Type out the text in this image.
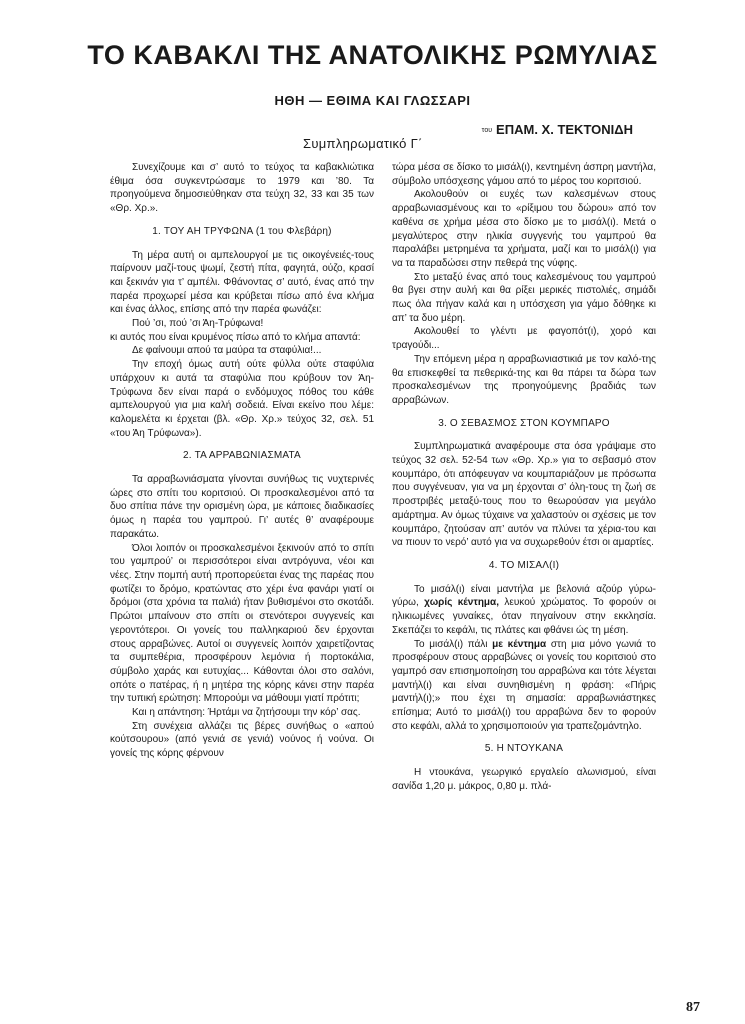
ΤΟ ΚΑΒΑΚΛΙ ΤΗΣ ΑΝΑΤΟΛΙΚΗΣ ΡΩΜΥΛΙΑΣ
ΗΘΗ — ΕΘΙΜΑ ΚΑΙ ΓΛΩΣΣΑΡΙ
του ΕΠΑΜ. Χ. ΤΕΚΤΟΝΙΔΗ
Συμπληρωματικό Γ΄

Συνεχίζουμε και σ’ αυτό το τεύχος τα καβακλιώτικα έθιμα όσα συγκεντρώσαμε το 1979 και ’80. Τα προηγούμενα δημοσιεύθηκαν στα τεύχη 32, 33 και 35 των «Θρ. Χρ.».

1. ΤΟΥ ΑΗ ΤΡΥΦΩΝΑ (1 του Φλεβάρη)

Τη μέρα αυτή οι αμπελουργοί με τις οικογένειές-τους παίρνουν μαζί-τους ψωμί, ζεστή πίτα, φαγητά, ούζο, κρασί και ξεκινάν για τ’ αμπέλι. Φθάνοντας σ’ αυτό, ένας από την παρέα προχωρεί μέσα και κρύβεται πίσω από ένα κλήμα και ένας άλλος, επίσης από την παρέα φωνάζει:

Πού ’σι, πού ’σι Άη-Τρύφωνα!

κι αυτός που είναι κρυμένος πίσω από το κλήμα απαντά:

Δε φαίνουμι απού τα μαύρα τα σταφύλια!...

Την εποχή όμως αυτή ούτε φύλλα ούτε σταφύλια υπάρχουν κι αυτά τα σταφύλια που κρύβουν τον Άη-Τρύφωνα δεν είναι παρά ο ενδόμυχος πόθος του κάθε αμπελουργού για μια καλή σοδειά. Είναι εκείνο που λέμε: καλομελέτα κι έρχεται (βλ. «Θρ. Χρ.» τεύχος 32, σελ. 51 «του Άη Τρύφωνα»).

2. ΤΑ ΑΡΡΑΒΩΝΙΑΣΜΑΤΑ

Τα αρραβωνιάσματα γίνονται συνήθως τις νυχτερινές ώρες στο σπίτι του κοριτσιού. Οι προσκαλεσμένοι από τα δυο σπίτια πάνε την ορισμένη ώρα, με κάποιες διαδικασίες όμως η παρέα του γαμπρού. Γι’ αυτές θ’ αναφέρουμε παρακάτω.

Όλοι λοιπόν οι προσκαλεσμένοι ξεκινούν από το σπίτι του γαμπρού’ οι περισσότεροι είναι αντρόγυνα, νέοι και νέες. Στην πομπή αυτή προπορεύεται ένας της παρέας που φωτίζει το δρόμο, κρατώντας στο χέρι ένα φανάρι γιατί οι δρόμοι (στα χρόνια τα παλιά) ήταν βυθισμένοι στο σκοτάδι. Πρώτοι μπαίνουν στο σπίτι οι στενότεροι συγγενείς και γεροντότεροι. Οι γονείς του παλληκαριού δεν έρχονται στους αρραβώνες. Αυτοί οι συγγενείς λοιπόν χαιρετίζοντας τα συμπεθέρια, προσφέρουν λεμόνια ή πορτοκάλια, σύμβολο χαράς και ευτυχίας... Κάθονται όλοι στο σαλόνι, οπότε ο πατέρας, ή η μητέρα της κόρης κάνει στην παρέα την τυπική ερώτηση: Μπορούμι να μάθουμι γιατί πρότιτι;

Και η απάντηση: Ήρτάμι να ζητήσουμι την κόρ’ σας.

Στη συνέχεια αλλάζει τις βέρες συνήθως ο «απού κούτσουρου» (από γενιά σε γενιά) νούνος ή νούνα. Οι γονείς της κόρης φέρνουν

τώρα μέσα σε δίσκο το μισάλ(ι), κεντημένη άσπρη μαντήλα, σύμβολο υπόσχεσης γάμου από το μέρος του κοριτσιού.

Ακολουθούν οι ευχές των καλεσμένων στους αρραβωνιασμένους και το «ρίξιμου του δώρου» από τον καθένα σε χρήμα μέσα στο δίσκο με το μισάλ(ι). Μετά ο μεγαλύτερος στην ηλικία συγγενής του γαμπρού θα παραλάβει μετρημένα τα χρήματα, μαζί και το μισάλ(ι) για να τα παραδώσει στην πεθερά της νύφης.

Στο μεταξύ ένας από τους καλεσμένους του γαμπρού θα βγει στην αυλή και θα ρίξει μερικές πιστολιές, σημάδι πως όλα πήγαν καλά και η υπόσχεση για γάμο δόθηκε κι απ’ τα δυο μέρη.

Ακολουθεί το γλέντι με φαγοπότ(ι), χορό και τραγούδι...

Την επόμενη μέρα η αρραβωνιαστικιά με τον καλό-της θα επισκεφθεί τα πεθερικά-της και θα πάρει τα δώρα των προσκαλεσμένων της προηγούμενης βραδιάς των αρραβώνων.

3. Ο ΣΕΒΑΣΜΟΣ ΣΤΟΝ ΚΟΥΜΠΑΡΟ

Συμπληρωματικά αναφέρουμε στα όσα γράψαμε στο τεύχος 32 σελ. 52-54 των «Θρ. Χρ.» για το σεβασμό στον κουμπάρο, ότι απόφευγαν να κουμπαριάζουν με πρόσωπα που συγγένευαν, για να μη έρχονται σ’ όλη-τους τη ζωή σε προστριβές μεταξύ-τους που το θεωρούσαν για μεγάλο αμάρτημα. Αν όμως τύχαινε να χαλαστούν οι σχέσεις με τον κουμπάρο, ζητούσαν απ’ αυτόν να πλύνει τα χέρια-του και να πιουν το νερό’ αυτό για να συχωρεθούν έτσι οι αμαρτίες.

4. ΤΟ ΜΙΣΑΛ(Ι)

Το μισάλ(ι) είναι μαντήλα με βελονιά αζούρ γύρω-γύρω, χωρίς κέντημα, λευκού χρώματος. Το φορούν οι ηλικιωμένες γυναίκες, όταν πηγαίνουν στην εκκλησία. Σκεπάζει το κεφάλι, τις πλάτες και φθάνει ώς τη μέση.

Το μισάλ(ι) πάλι με κέντημα στη μια μόνο γωνιά το προσφέρουν στους αρραβώνες οι γονείς του κοριτσιού στο γαμπρό σαν επισημοποίηση του αρραβώνα και τότε λέγεται μαντήλ(ι) και είναι συνηθισμένη η φράση: «Πήρις μαντήλ(ι);» που έχει τη σημασία: αρραβωνιάστηκες επίσημα; Αυτό το μισάλ(ι) του αρραβώνα δεν το φορούν στο κεφάλι, αλλά το χρησιμοποιούν για τραπεζομάντηλο.

5. Η ΝΤΟΥΚΑΝΑ

Η ντουκάνα, γεωργικό εργαλείο αλωνισμού, είναι σανίδα 1,20 μ. μάκρος, 0,80 μ. πλά-

87
